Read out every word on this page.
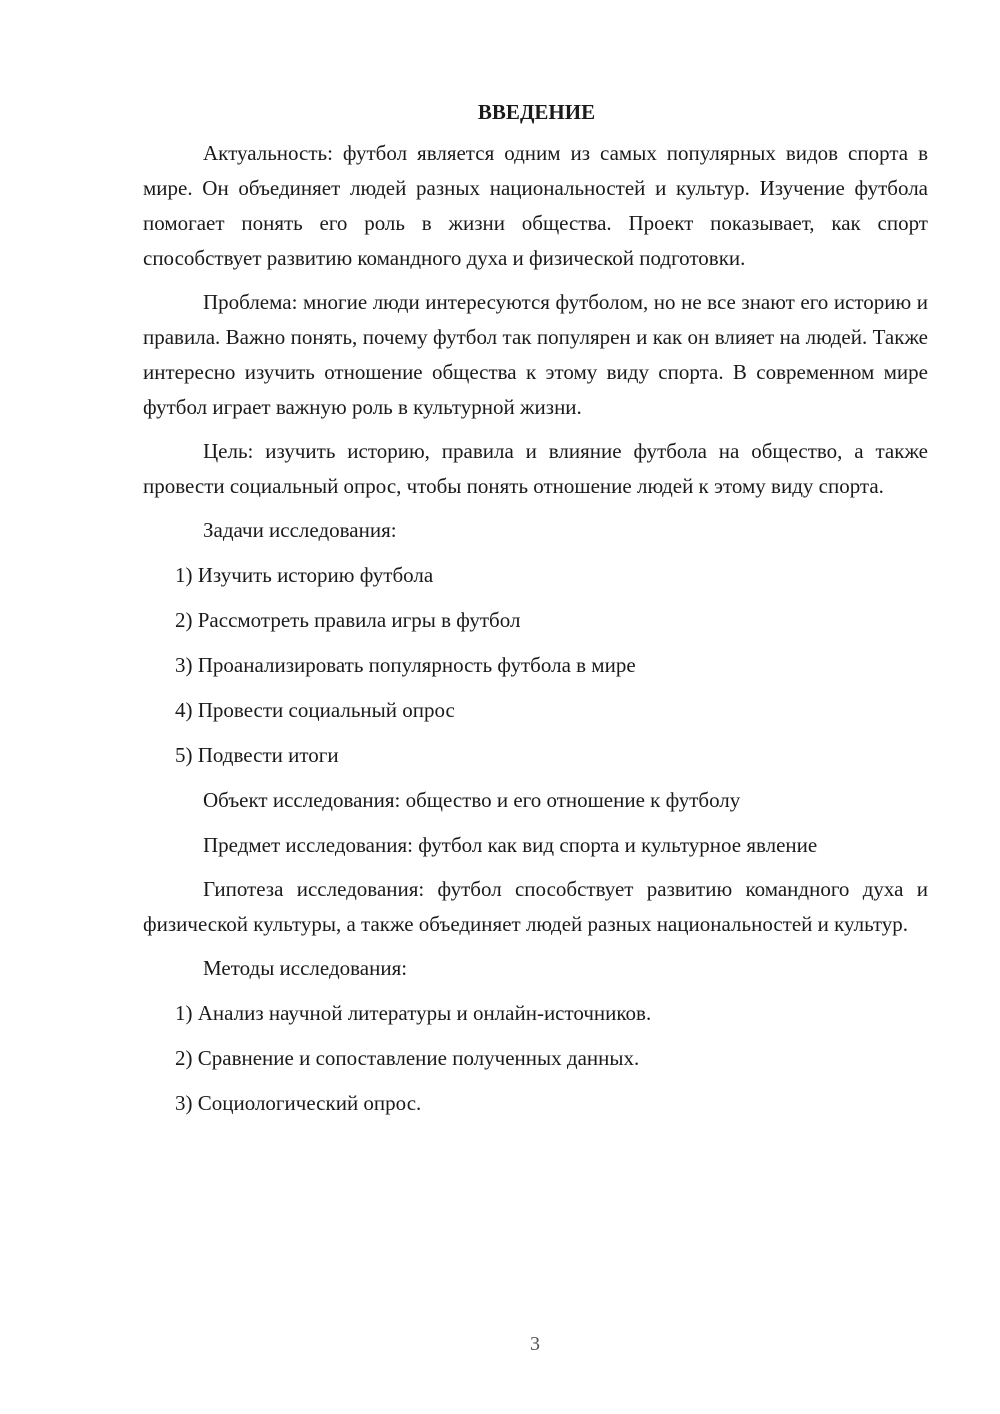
ВВЕДЕНИЕ

Актуальность: футбол является одним из самых популярных видов спорта в мире. Он объединяет людей разных национальностей и культур. Изучение футбола помогает понять его роль в жизни общества. Проект показывает, как спорт способствует развитию командного духа и физической подготовки.

Проблема: многие люди интересуются футболом, но не все знают его историю и правила. Важно понять, почему футбол так популярен и как он влияет на людей. Также интересно изучить отношение общества к этому виду спорта. В современном мире футбол играет важную роль в культурной жизни.

Цель: изучить историю, правила и влияние футбола на общество, а также провести социальный опрос, чтобы понять отношение людей к этому виду спорта.

Задачи исследования:

1) Изучить историю футбола
2) Рассмотреть правила игры в футбол
3) Проанализировать популярность футбола в мире
4) Провести социальный опрос
5) Подвести итоги

Объект исследования: общество и его отношение к футболу

Предмет исследования: футбол как вид спорта и культурное явление

Гипотеза исследования: футбол способствует развитию командного духа и физической культуры, а также объединяет людей разных национальностей и культур.

Методы исследования:

1) Анализ научной литературы и онлайн-источников.
2) Сравнение и сопоставление полученных данных.
3) Социологический опрос.
3
